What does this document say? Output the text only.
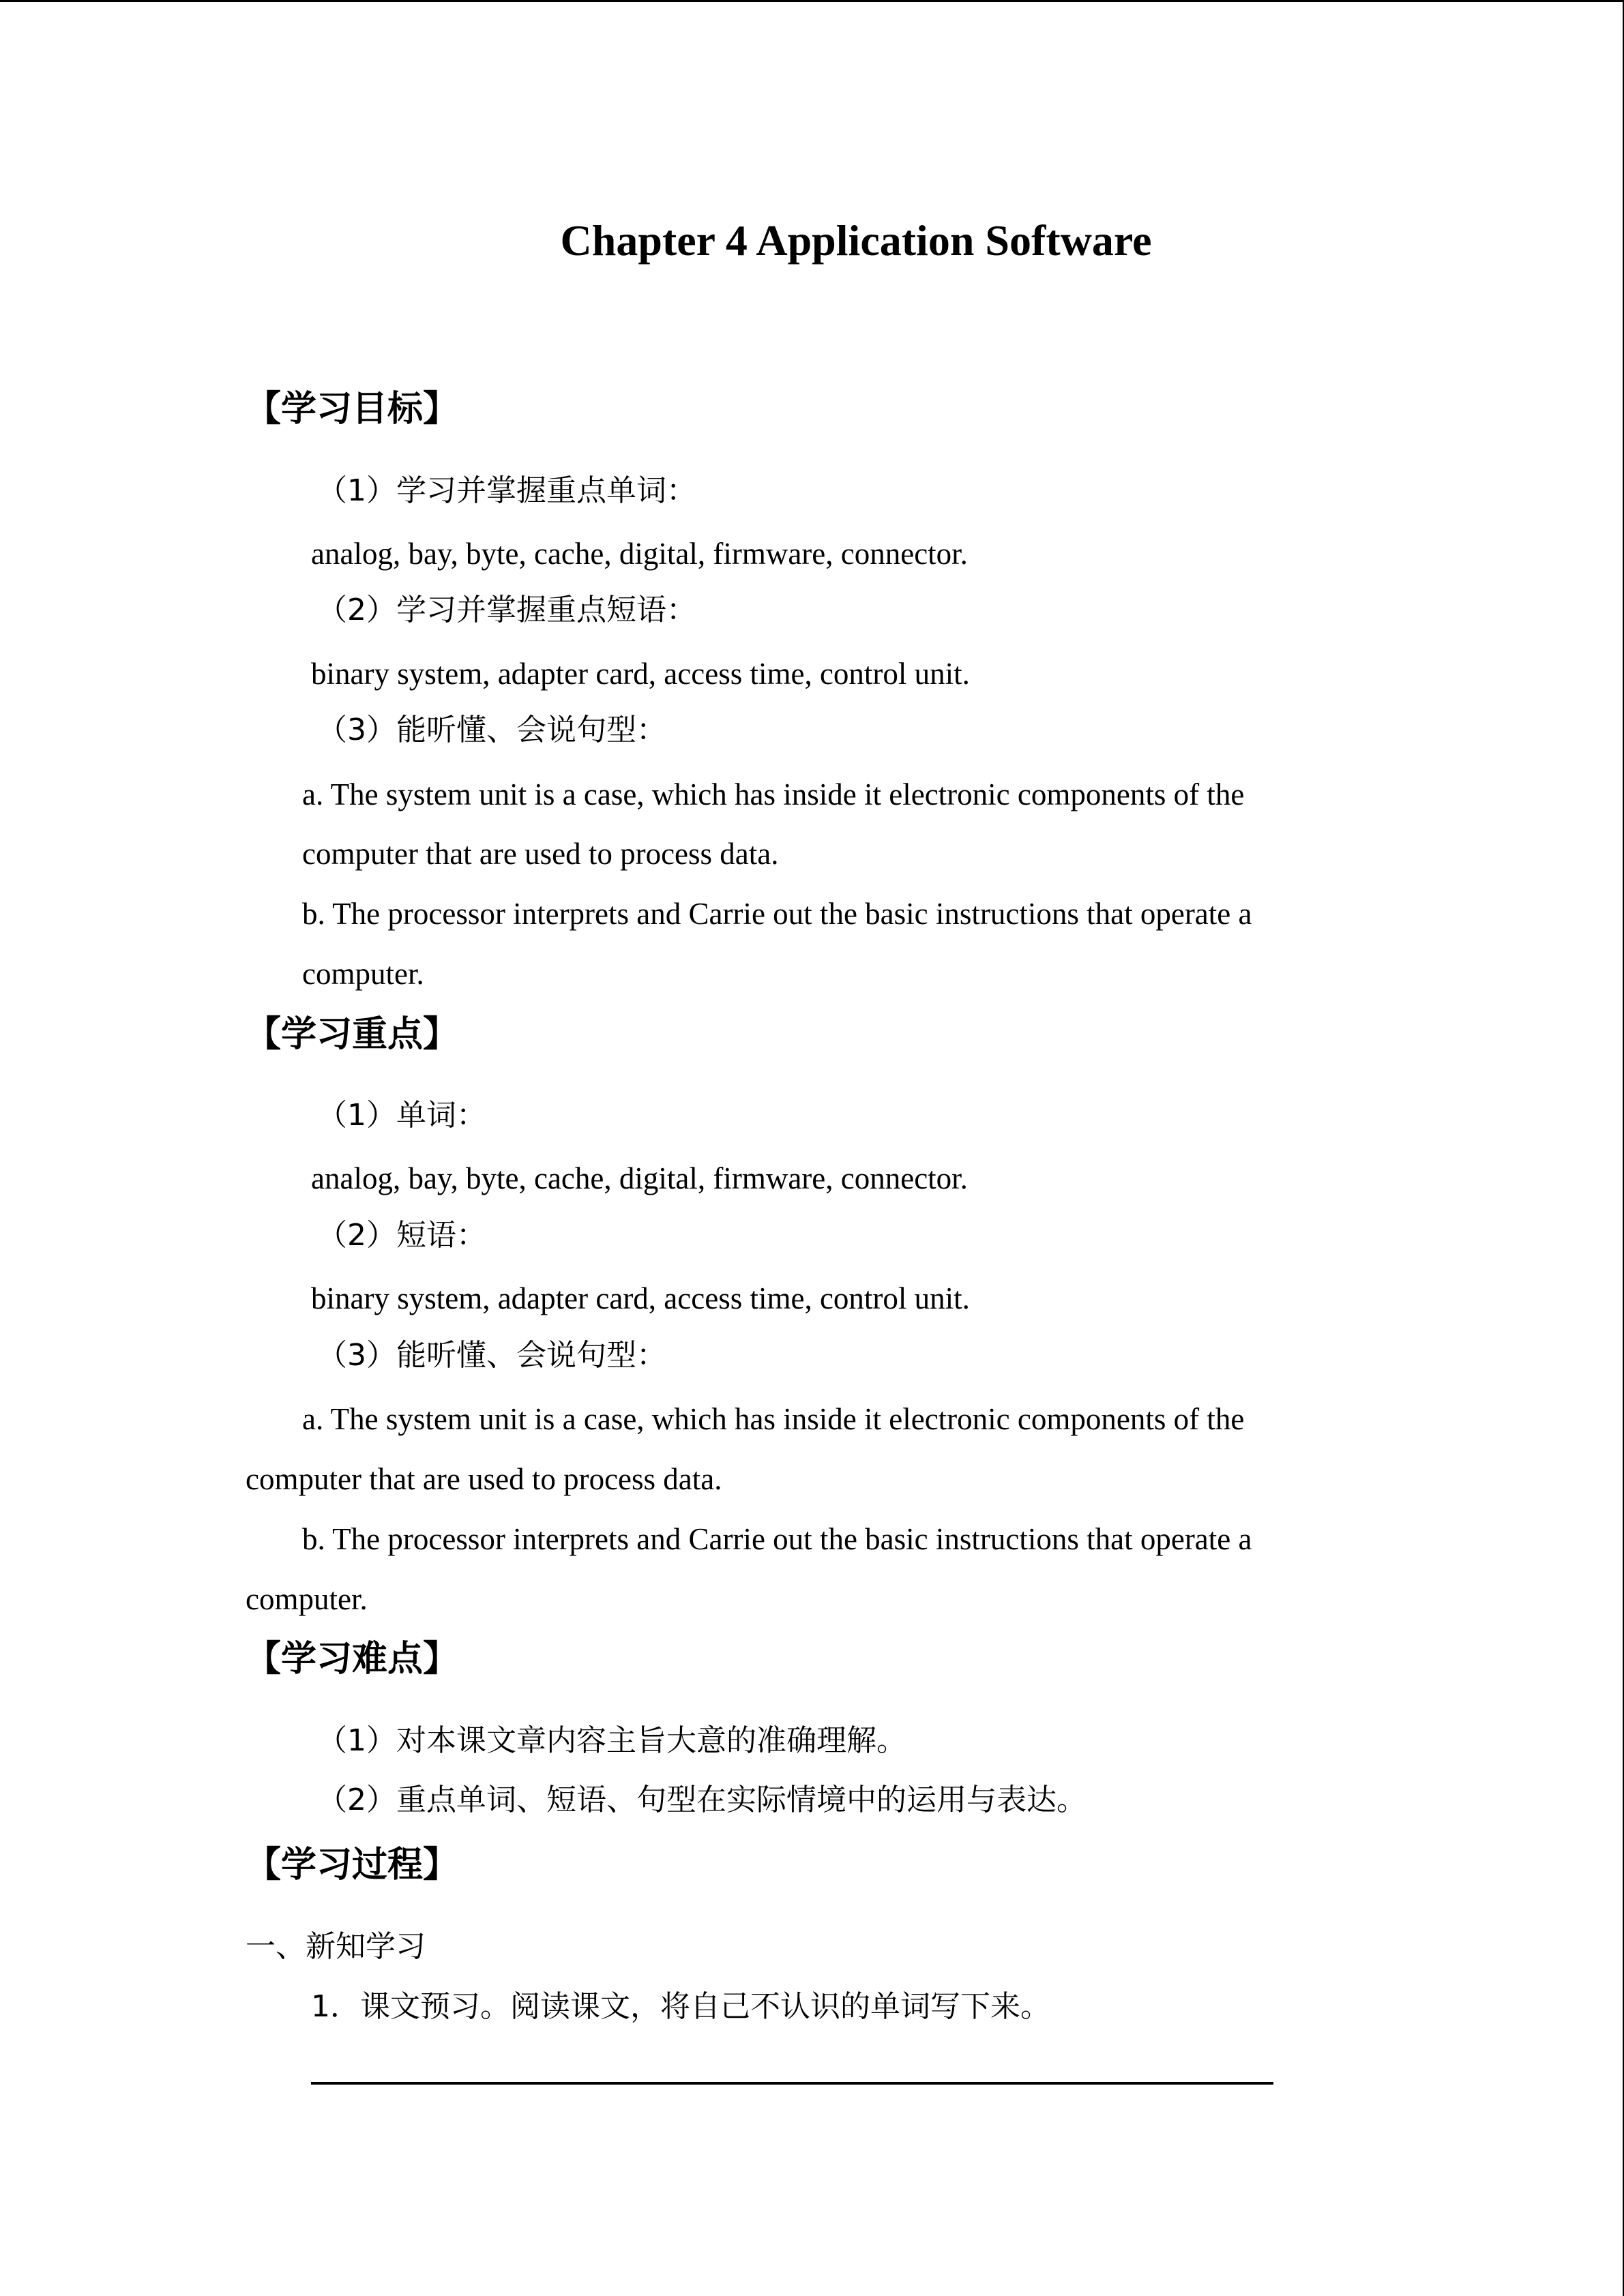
Chapter 4 Application Software
【学习目标】
（1）学习并掌握重点单词：
analog, bay, byte, cache, digital, firmware, connector.
（2）学习并掌握重点短语：
binary system, adapter card, access time, control unit.
（3）能听懂、会说句型：
a. The system unit is a case, which has inside it electronic components of the
computer that are used to process data.
b. The processor interprets and Carrie out the basic instructions that operate a
computer.
【学习重点】
（1）单词：
analog, bay, byte, cache, digital, firmware, connector.
（2）短语：
binary system, adapter card, access time, control unit.
（3）能听懂、会说句型：
a. The system unit is a case, which has inside it electronic components of the
computer that are used to process data.
b. The processor interprets and Carrie out the basic instructions that operate a
computer.
【学习难点】
（1）对本课文章内容主旨大意的准确理解。
（2）重点单词、短语、句型在实际情境中的运用与表达。
【学习过程】
一、新知学习
1．课文预习。阅读课文，将自己不认识的单词写下来。
